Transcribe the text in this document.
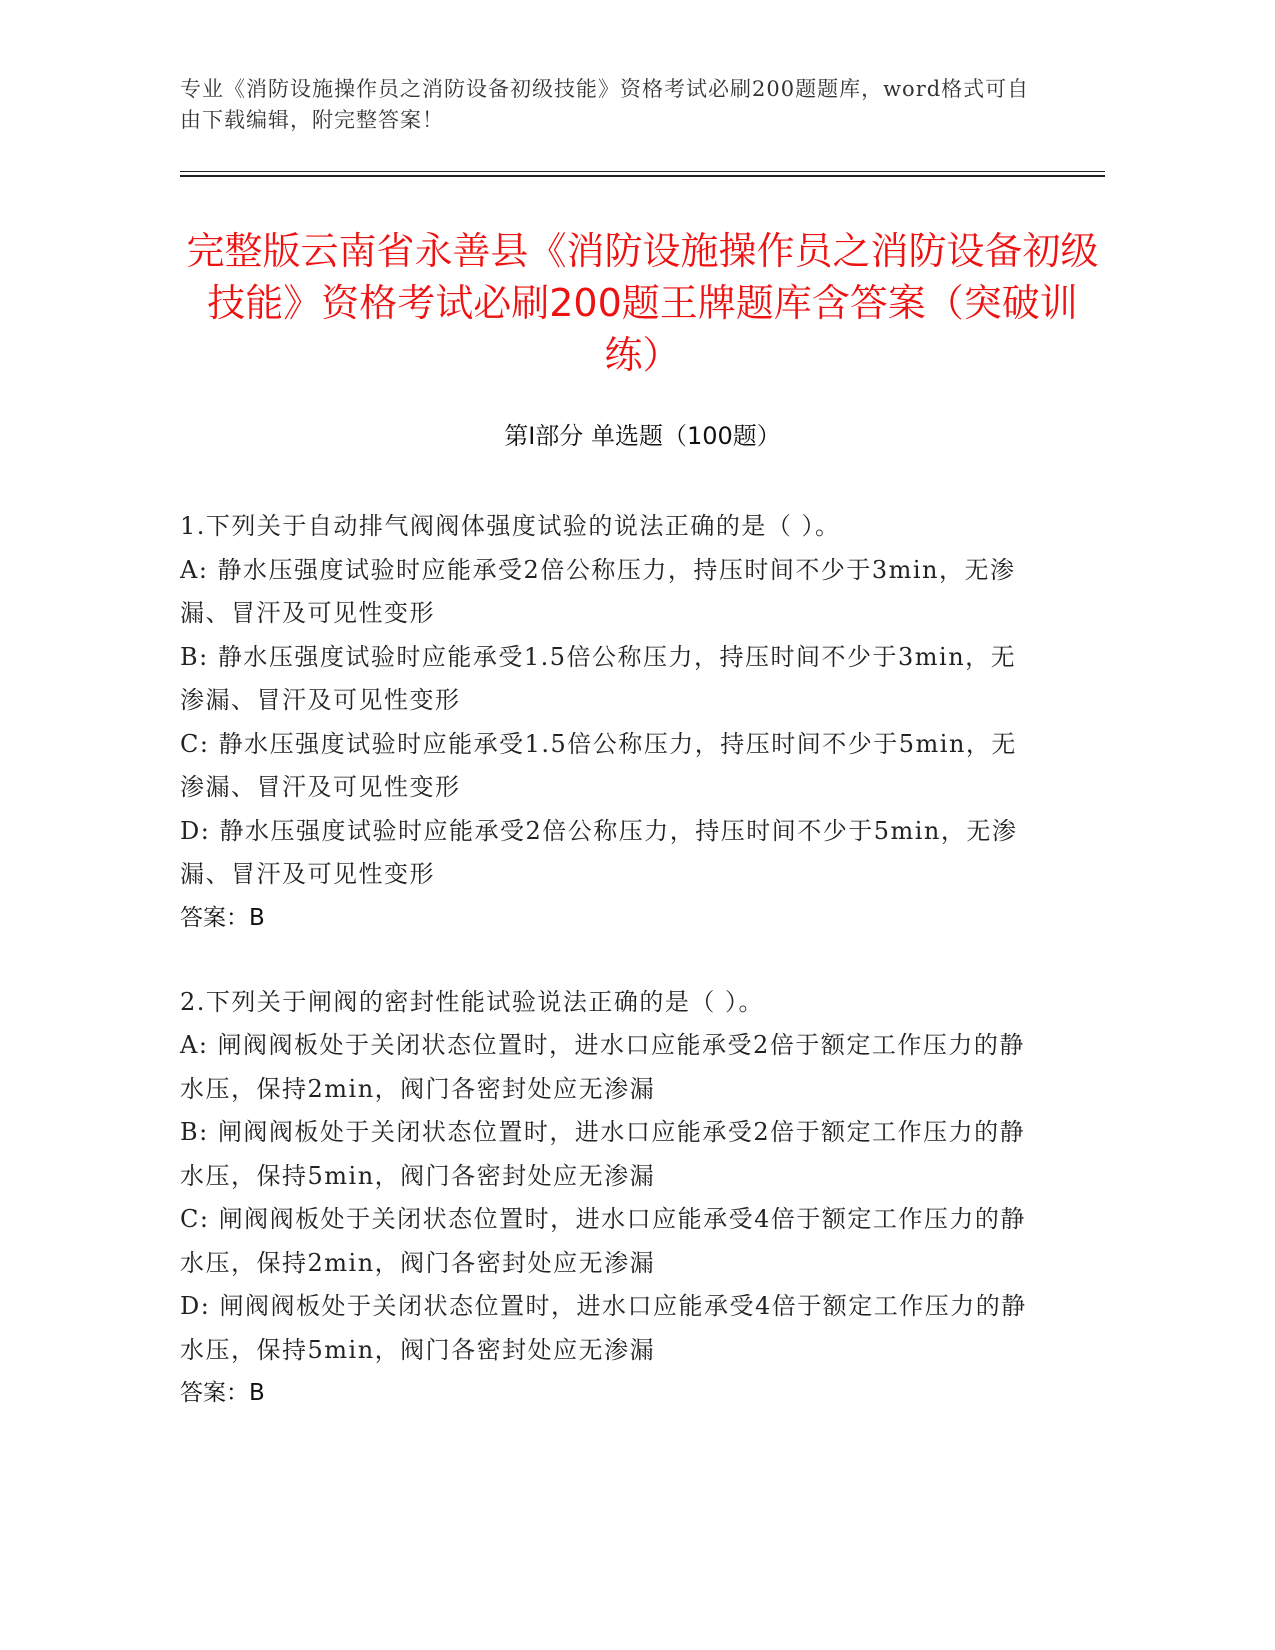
专业《消防设施操作员之消防设备初级技能》资格考试必刷200题题库，word格式可自由下载编辑，附完整答案！
完整版云南省永善县《消防设施操作员之消防设备初级技能》资格考试必刷200题王牌题库含答案（突破训练）
第I部分 单选题（100题）

1.下列关于自动排气阀阀体强度试验的说法正确的是（ ）。

A: 静水压强度试验时应能承受2倍公称压力，持压时间不少于3min，无渗漏、冒汗及可见性变形

B: 静水压强度试验时应能承受1.5倍公称压力，持压时间不少于3min，无渗漏、冒汗及可见性变形

C: 静水压强度试验时应能承受1.5倍公称压力，持压时间不少于5min，无渗漏、冒汗及可见性变形

D: 静水压强度试验时应能承受2倍公称压力，持压时间不少于5min，无渗漏、冒汗及可见性变形

答案：B

2.下列关于闸阀的密封性能试验说法正确的是（ ）。

A: 闸阀阀板处于关闭状态位置时，进水口应能承受2倍于额定工作压力的静水压，保持2min，阀门各密封处应无渗漏

B: 闸阀阀板处于关闭状态位置时，进水口应能承受2倍于额定工作压力的静水压，保持5min，阀门各密封处应无渗漏

C: 闸阀阀板处于关闭状态位置时，进水口应能承受4倍于额定工作压力的静水压，保持2min，阀门各密封处应无渗漏

D: 闸阀阀板处于关闭状态位置时，进水口应能承受4倍于额定工作压力的静水压，保持5min，阀门各密封处应无渗漏

答案：B
